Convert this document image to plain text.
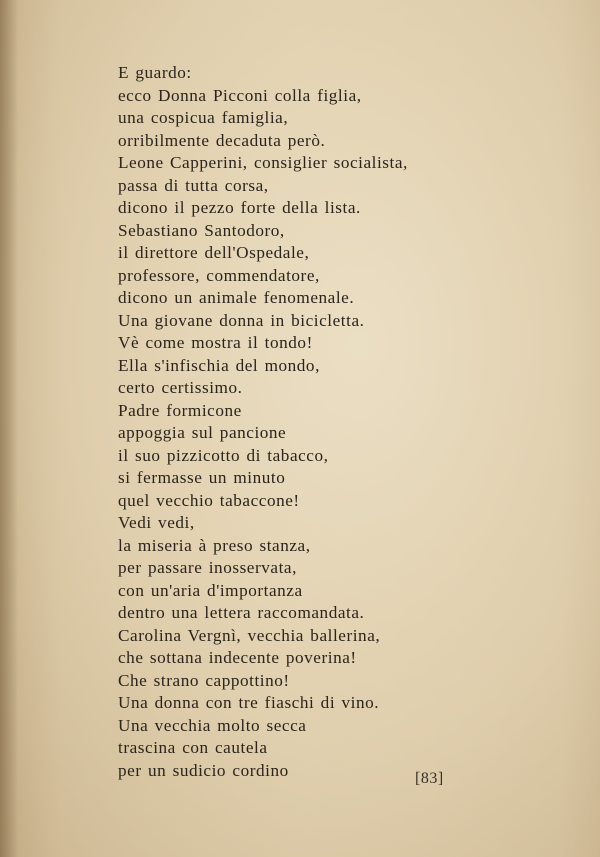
E guardo:
ecco Donna Picconi colla figlia,
una cospicua famiglia,
orribilmente decaduta però.
Leone Capperini, consiglier socialista,
passa di tutta corsa,
dicono il pezzo forte della lista.
Sebastiano Santodoro,
il direttore dell'Ospedale,
professore, commendatore,
dicono un animale fenomenale.
Una giovane donna in bicicletta.
Vè come mostra il tondo!
Ella s'infischia del mondo,
certo certissimo.
Padre formicone
appoggia sul pancione
il suo pizzicotto di tabacco,
si fermasse un minuto
quel vecchio tabaccone!
Vedi vedi,
la miseria à preso stanza,
per passare inosservata,
con un'aria d'importanza
dentro una lettera raccomandata.
Carolina Vergnì, vecchia ballerina,
che sottana indecente poverina!
Che strano cappottino!
Una donna con tre fiaschi di vino.
Una vecchia molto secca
trascina con cautela
per un sudicio cordino	[83]
